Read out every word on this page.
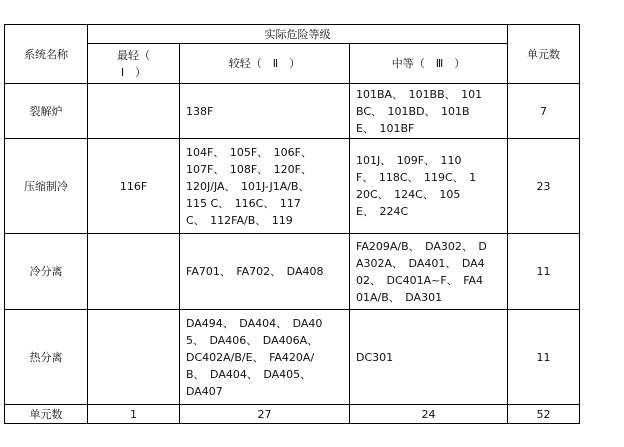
系统名称	实际危险等级			单元数

	最轻（
Ⅰ　）	较轻（　Ⅱ　）	中等（　Ⅲ　）	
裂解炉		138F	101BA、　101BB、　101
BC、　101BD、　101B
E、　101BF	7
压缩制冷	116F	104F、　105F、　106F、
107F、　108F、　120F、
120J/JA、　101J-J1A/B、
115 C、　116C、　117
C、　112FA/B、　119	101J、　109F、　110
F、　118C、　119C、　1
20C、　124C、　105
E、　224C	23
冷分离		FA701、　FA702、　DA408	FA209A/B、　DA302、　D
A302A、　DA401、　DA4
02、　DC401A~F、　FA4
01A/B、　DA301	11
热分离		DA494、　DA404、　DA40
5、　DA406、　DA406A、
DC402A/B/E、　FA420A/
B、　DA404、　DA405、
DA407	DC301	11
单元数	1	27	24	52
